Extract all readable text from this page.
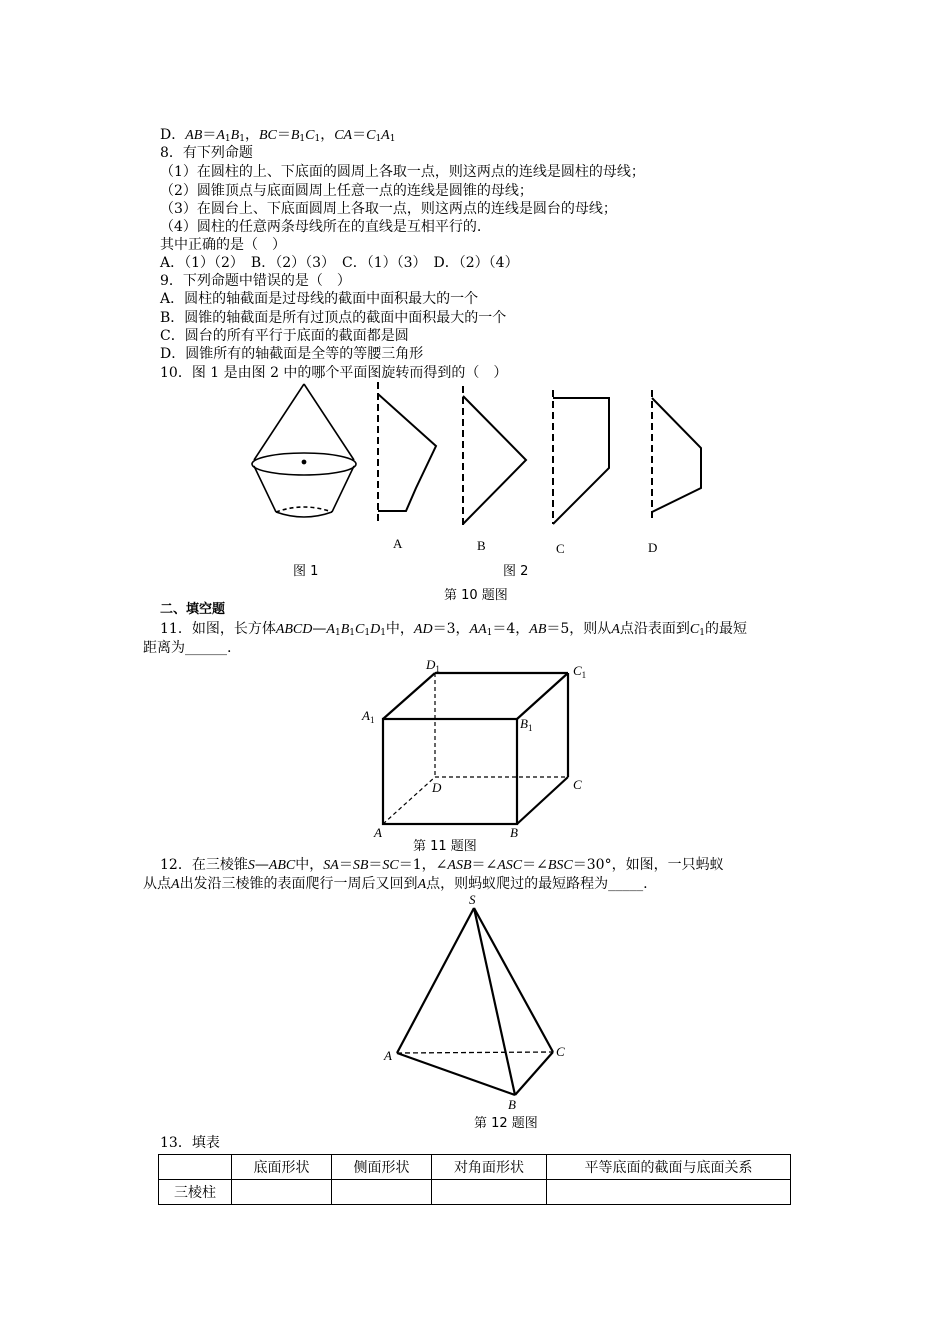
D．$AB=A_1B_1$，$BC=B_1C_1$，$CA=C_1A_1$
8．有下列命题
（1）在圆柱的上、下底面的圆周上各取一点，则这两点的连线是圆柱的母线；
（2）圆锥顶点与底面圆周上任意一点的连线是圆锥的母线；
（3）在圆台上、下底面圆周上各取一点，则这两点的连线是圆台的母线；
（4）圆柱的任意两条母线所在的直线是互相平行的.
其中正确的是（　）
A．（1）（2）　B．（2）（3）　C．（1）（3）　D．（2）（4）
9．下列命题中错误的是（　）
A．圆柱的轴截面是过母线的截面中面积最大的一个
B．圆锥的轴截面是所有过顶点的截面中面积最大的一个
C．圆台的所有平行于底面的截面都是圆
D．圆锥所有的轴截面是全等的等腰三角形
10．图 1 是由图 2 中的哪个平面图旋转而得到的（　）
A	B	C	D
图 1	图 2
第 10 题图
二、填空题
11．如图，长方体$ABCD—A_1B_1C_1D_1$中，AD＝3，$AA_1=4$，AB＝5，则从A点沿表面到$C_1$的最短
距离为______.
$D_1$	$C_1$
$A_1$	$B_1$
D	C
A	B
第 11 题图
12．在三棱锥S—ABC中，SA＝SB＝SC＝1，∠ASB＝∠ASC＝∠BSC＝30°，如图，一只蚂蚁
从点A出发沿三棱锥的表面爬行一周后又回到A点，则蚂蚁爬过的最短路程为_____.
S
A	C
B
第 12 题图
13．填表
	底面形状	侧面形状	对角面形状	平等底面的截面与底面关系
三棱柱				
